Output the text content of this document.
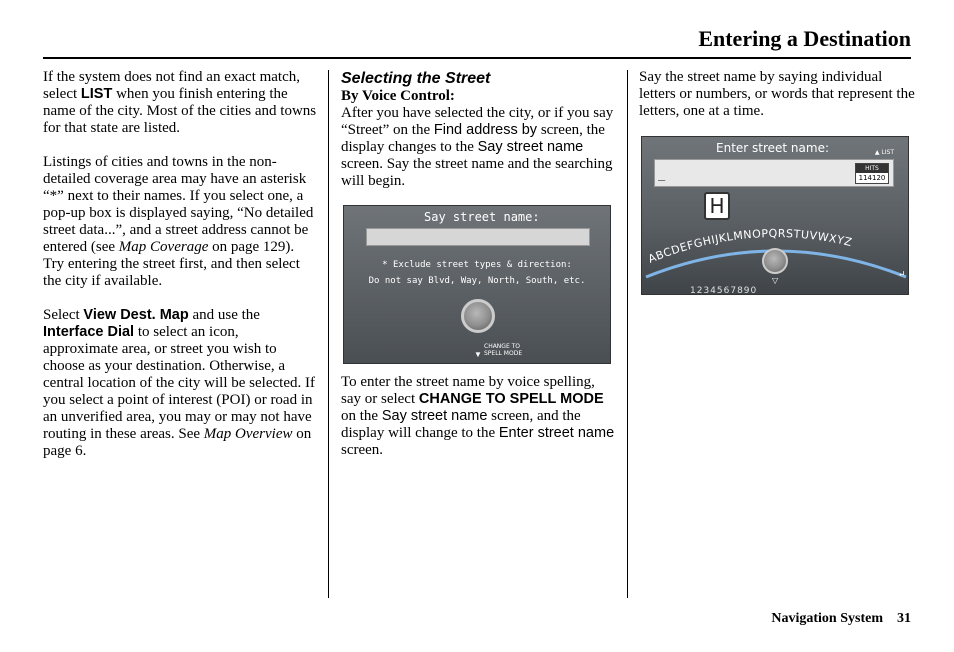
Entering a Destination

If the system does not find an exact match, select LIST when you finish entering the name of the city. Most of the cities and towns for that state are listed.

Listings of cities and towns in the non-detailed coverage area may have an asterisk “*” next to their names. If you select one, a pop-up box is displayed saying, “No detailed street data...”, and a street address cannot be entered (see Map Coverage on page 129). Try entering the street first, and then select the city if available.

Select View Dest. Map and use the Interface Dial to select an icon, approximate area, or street you wish to choose as your destination. Otherwise, a central location of the city will be selected. If you select a point of interest (POI) or road in an unverified area, you may or may not have routing in these areas. See Map Overview on page 6.

Selecting the Street

By Voice Control:

After you have selected the city, or if you say “Street” on the Find address by screen, the display changes to the Say street name screen. Say the street name and the searching will begin.

Say street name:
* Exclude street types & direction:
Do not say Blvd, Way, North, South, etc.
▼
CHANGE TO
SPELL MODE

To enter the street name by voice spelling, say or select CHANGE TO SPELL MODE on the Say street name screen, and the display will change to the Enter street name screen.

Say the street name by saying individual letters or numbers, or words that represent the letters, one at a time.

Enter street name:	▲ LIST
_	HITS
114120
ABCDEFGHIJKLMNOPQRSTUVWXYZ
↵
H
▽
1234567890
Navigation System 31
